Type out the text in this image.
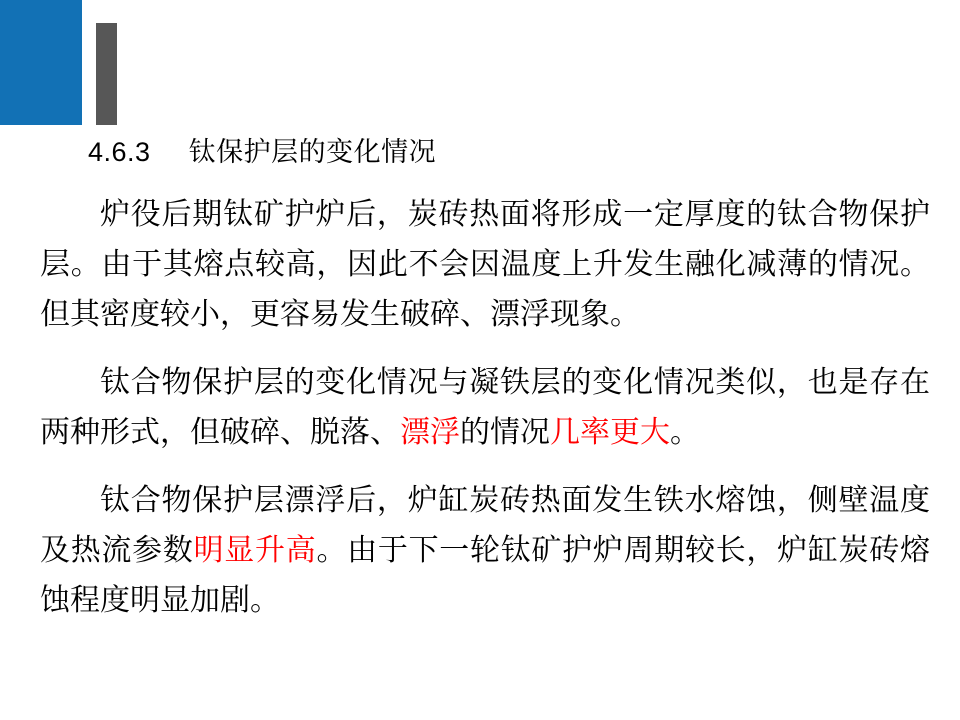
4.6.3 钛保护层的变化情况

炉役后期钛矿护炉后，炭砖热面将形成一定厚度的钛合物保护层。由于其熔点较高，因此不会因温度上升发生融化减薄的情况。但其密度较小，更容易发生破碎、漂浮现象。

钛合物保护层的变化情况与凝铁层的变化情况类似，也是存在两种形式，但破碎、脱落、漂浮的情况几率更大。

钛合物保护层漂浮后，炉缸炭砖热面发生铁水熔蚀，侧壁温度及热流参数明显升高。由于下一轮钛矿护炉周期较长，炉缸炭砖熔蚀程度明显加剧。
